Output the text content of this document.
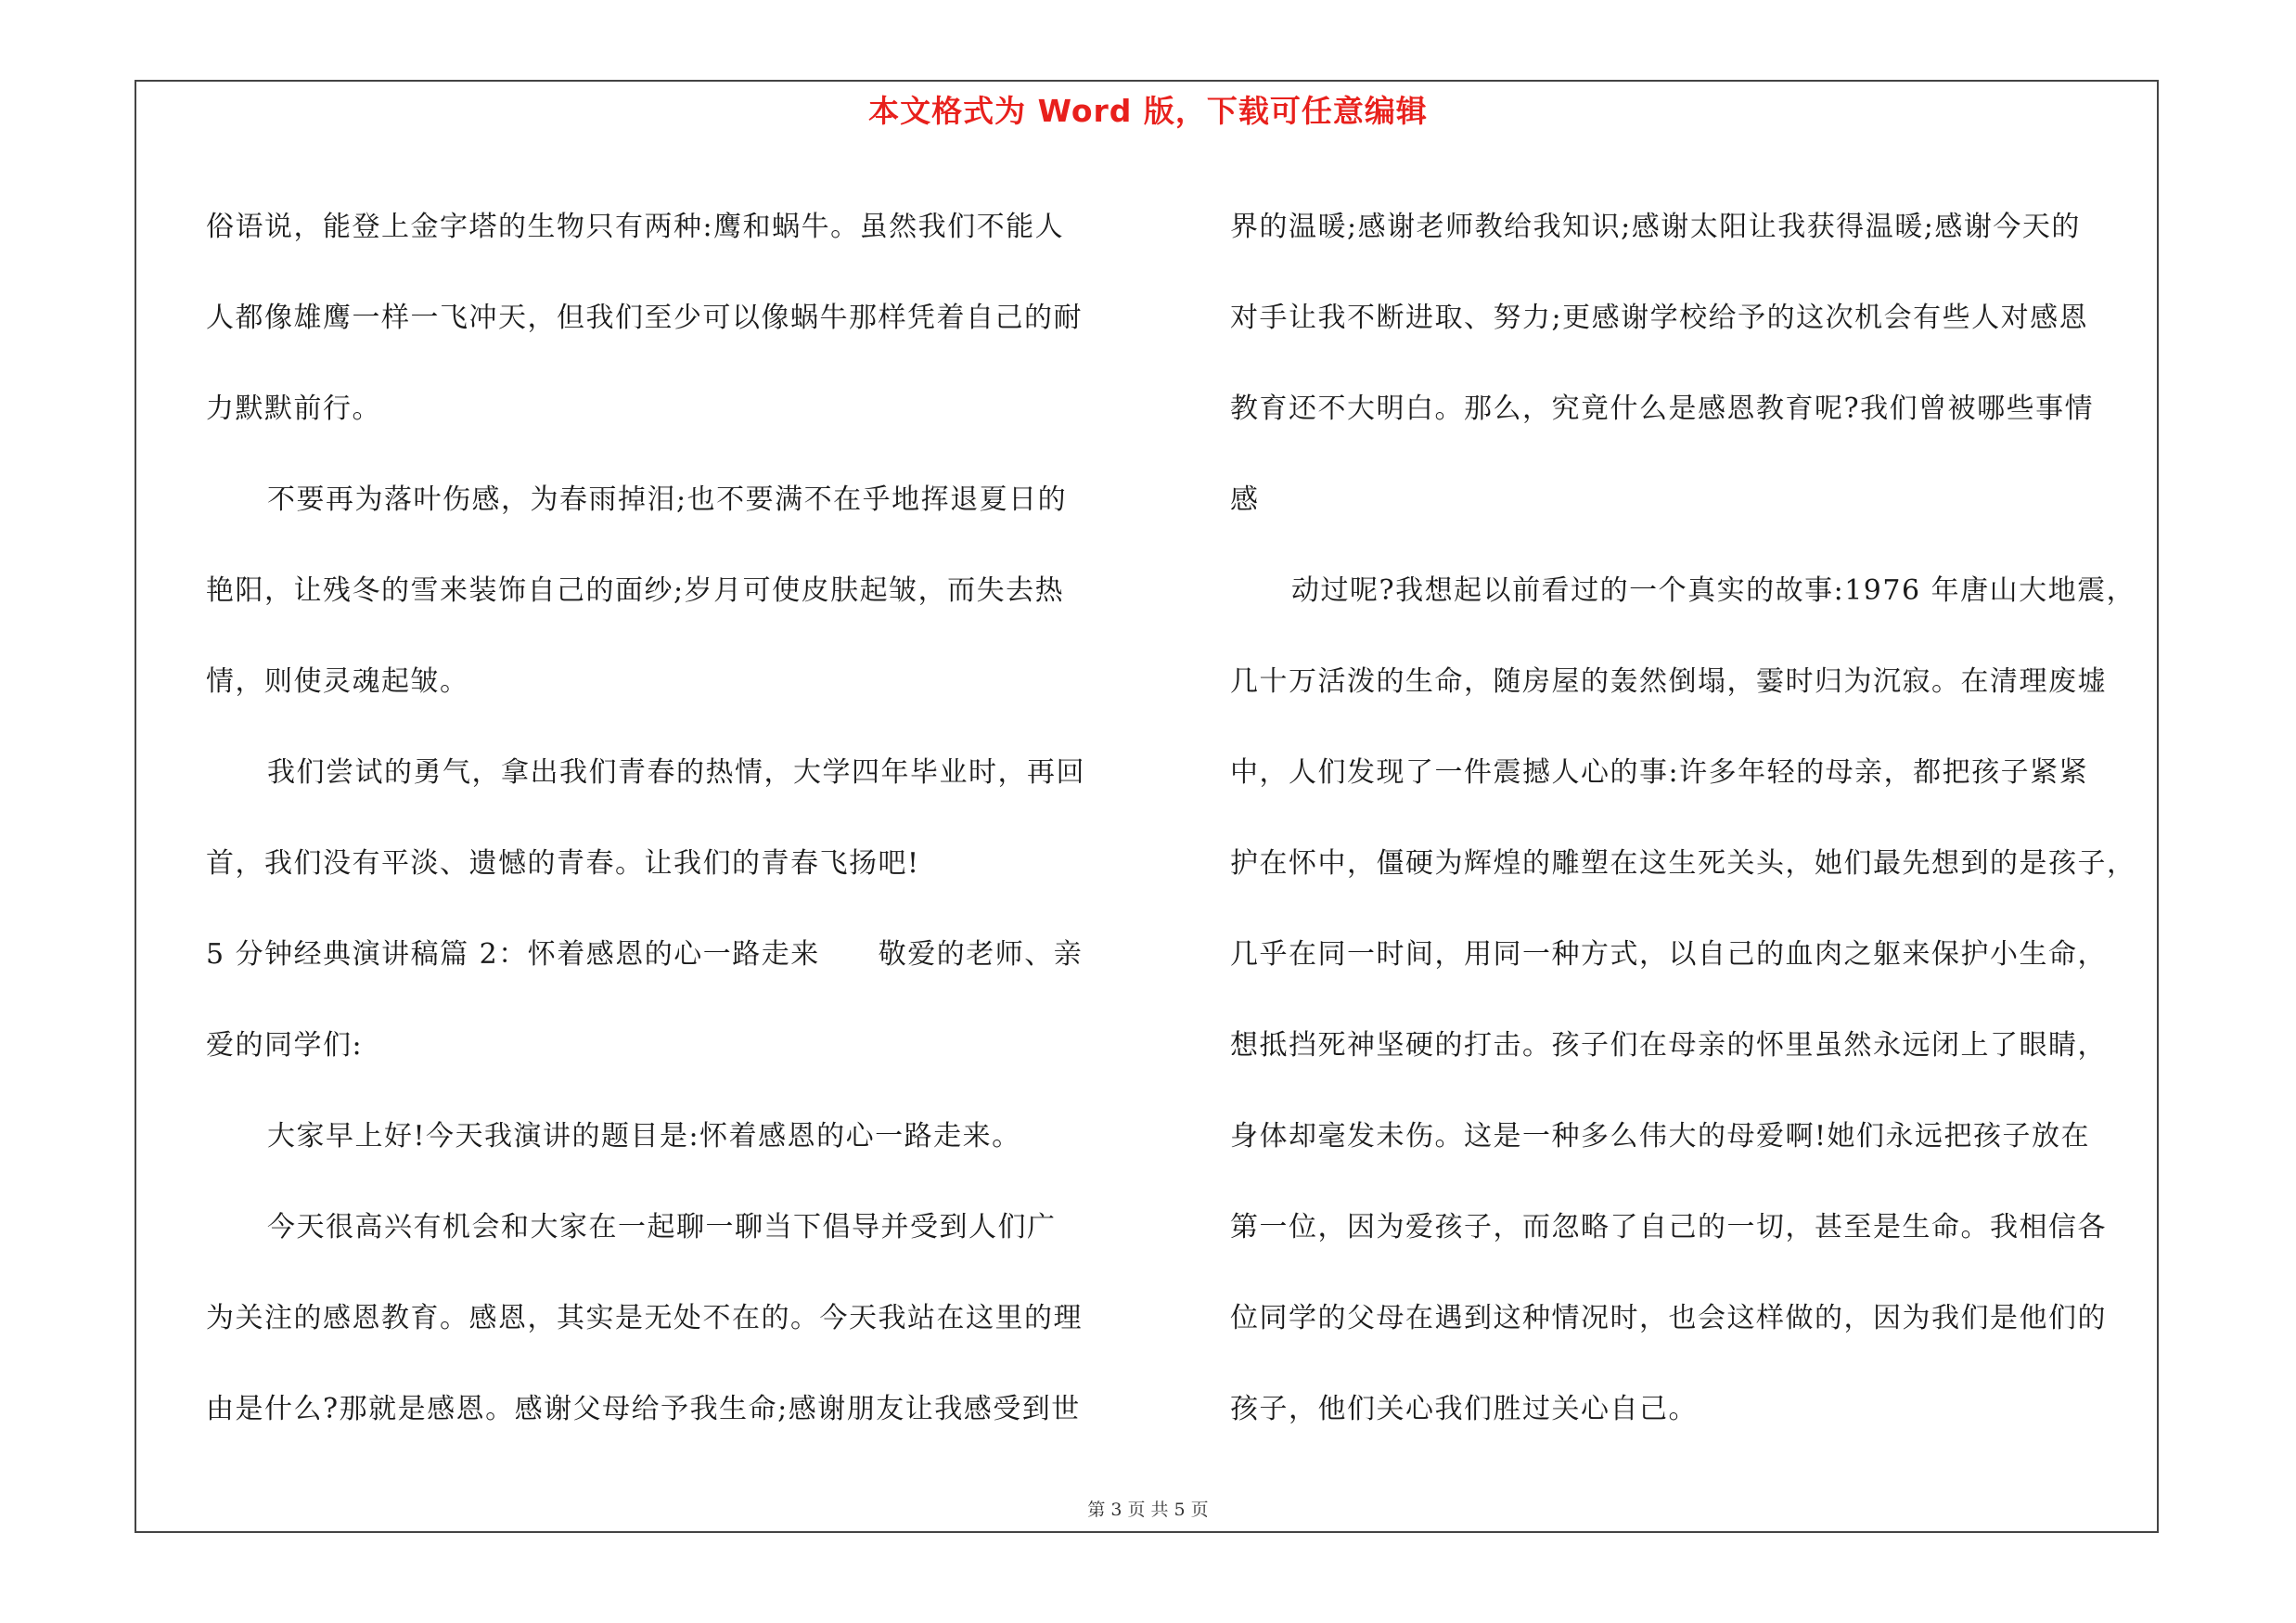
本文格式为 Word 版，下载可任意编辑
俗语说，能登上金字塔的生物只有两种:鹰和蜗牛。虽然我们不能人
人都像雄鹰一样一飞冲天，但我们至少可以像蜗牛那样凭着自己的耐
力默默前行。
不要再为落叶伤感，为春雨掉泪;也不要满不在乎地挥退夏日的
艳阳，让残冬的雪来装饰自己的面纱;岁月可使皮肤起皱，而失去热
情，则使灵魂起皱。
我们尝试的勇气，拿出我们青春的热情，大学四年毕业时，再回
首，我们没有平淡、遗憾的青春。让我们的青春飞扬吧!
5 分钟经典演讲稿篇 2：怀着感恩的心一路走来　　敬爱的老师、亲
爱的同学们:
大家早上好!今天我演讲的题目是:怀着感恩的心一路走来。
今天很高兴有机会和大家在一起聊一聊当下倡导并受到人们广
为关注的感恩教育。感恩，其实是无处不在的。今天我站在这里的理
由是什么?那就是感恩。感谢父母给予我生命;感谢朋友让我感受到世
界的温暖;感谢老师教给我知识;感谢太阳让我获得温暖;感谢今天的
对手让我不断进取、努力;更感谢学校给予的这次机会有些人对感恩
教育还不大明白。那么，究竟什么是感恩教育呢?我们曾被哪些事情
感
动过呢?我想起以前看过的一个真实的故事:1976 年唐山大地震，
几十万活泼的生命，随房屋的轰然倒塌，霎时归为沉寂。在清理废墟
中，人们发现了一件震撼人心的事:许多年轻的母亲，都把孩子紧紧
护在怀中，僵硬为辉煌的雕塑在这生死关头，她们最先想到的是孩子，
几乎在同一时间，用同一种方式，以自己的血肉之躯来保护小生命，
想抵挡死神坚硬的打击。孩子们在母亲的怀里虽然永远闭上了眼睛，
身体却毫发未伤。这是一种多么伟大的母爱啊!她们永远把孩子放在
第一位，因为爱孩子，而忽略了自己的一切，甚至是生命。我相信各
位同学的父母在遇到这种情况时，也会这样做的，因为我们是他们的
孩子，他们关心我们胜过关心自己。
第 3 页 共 5 页
